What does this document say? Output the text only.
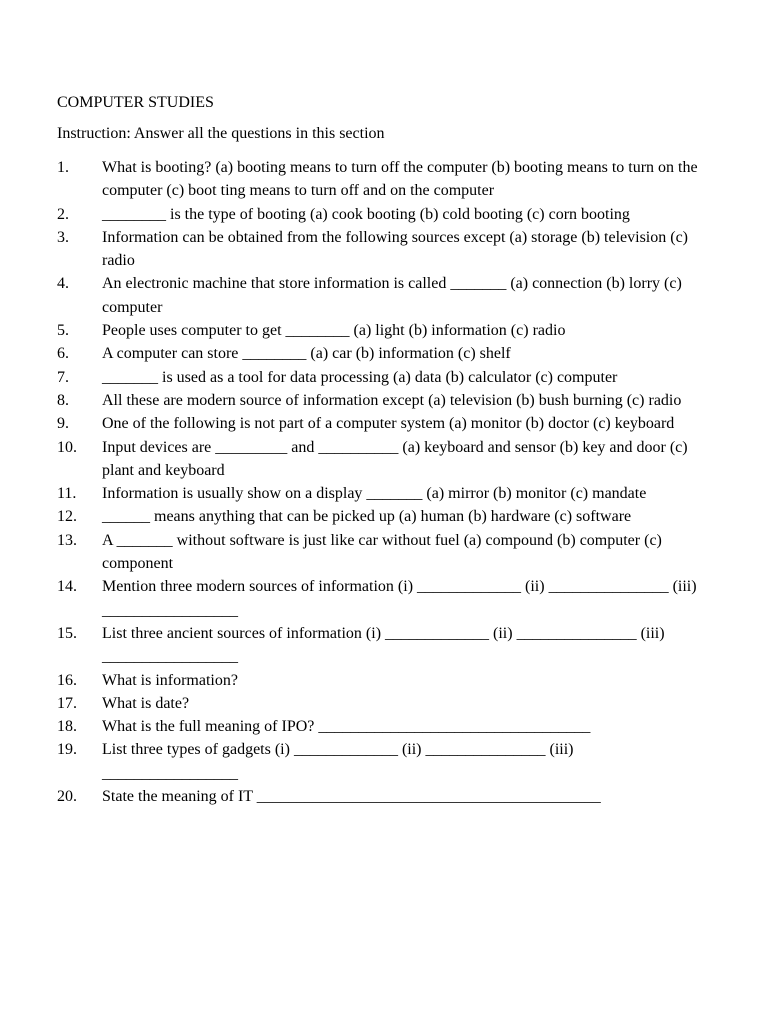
COMPUTER STUDIES
Instruction: Answer all the questions in this section
1.	What is booting? (a) booting means to turn off the computer (b) booting means to turn on the computer (c) boot ting means to turn off and on the computer
2.	________ is the type of booting (a) cook booting (b) cold booting (c) corn booting
3.	Information can be obtained from the following sources except (a) storage (b) television (c) radio
4.	An electronic machine that store information is called _______ (a) connection (b) lorry (c) computer
5.	People uses computer to get ________ (a) light (b) information (c) radio
6.	A computer can store ________ (a) car (b) information (c) shelf
7.	_______ is used as a tool for data processing (a) data (b) calculator (c) computer
8.	All these are modern source of information except (a) television (b) bush burning (c) radio
9.	One of the following is not part of a computer system (a) monitor (b) doctor (c) keyboard
10.	Input devices are _________ and __________ (a) keyboard and sensor (b) key and door (c) plant and keyboard
11.	Information is usually show on a display _______ (a) mirror (b) monitor (c) mandate
12.	______ means anything that can be picked up (a) human (b) hardware (c) software
13.	A _______ without software is just like car without fuel (a) compound (b) computer (c) component
14.	Mention three modern sources of information (i) _____________ (ii) _______________ (iii) _________________
15.	List three ancient sources of information (i) _____________ (ii) _______________ (iii) _________________
16.	What is information?
17.	What is date?
18.	What is the full meaning of IPO? __________________________________
19.	List three types of gadgets (i) _____________ (ii) _______________ (iii) _________________
20.	State the meaning of IT ___________________________________________
